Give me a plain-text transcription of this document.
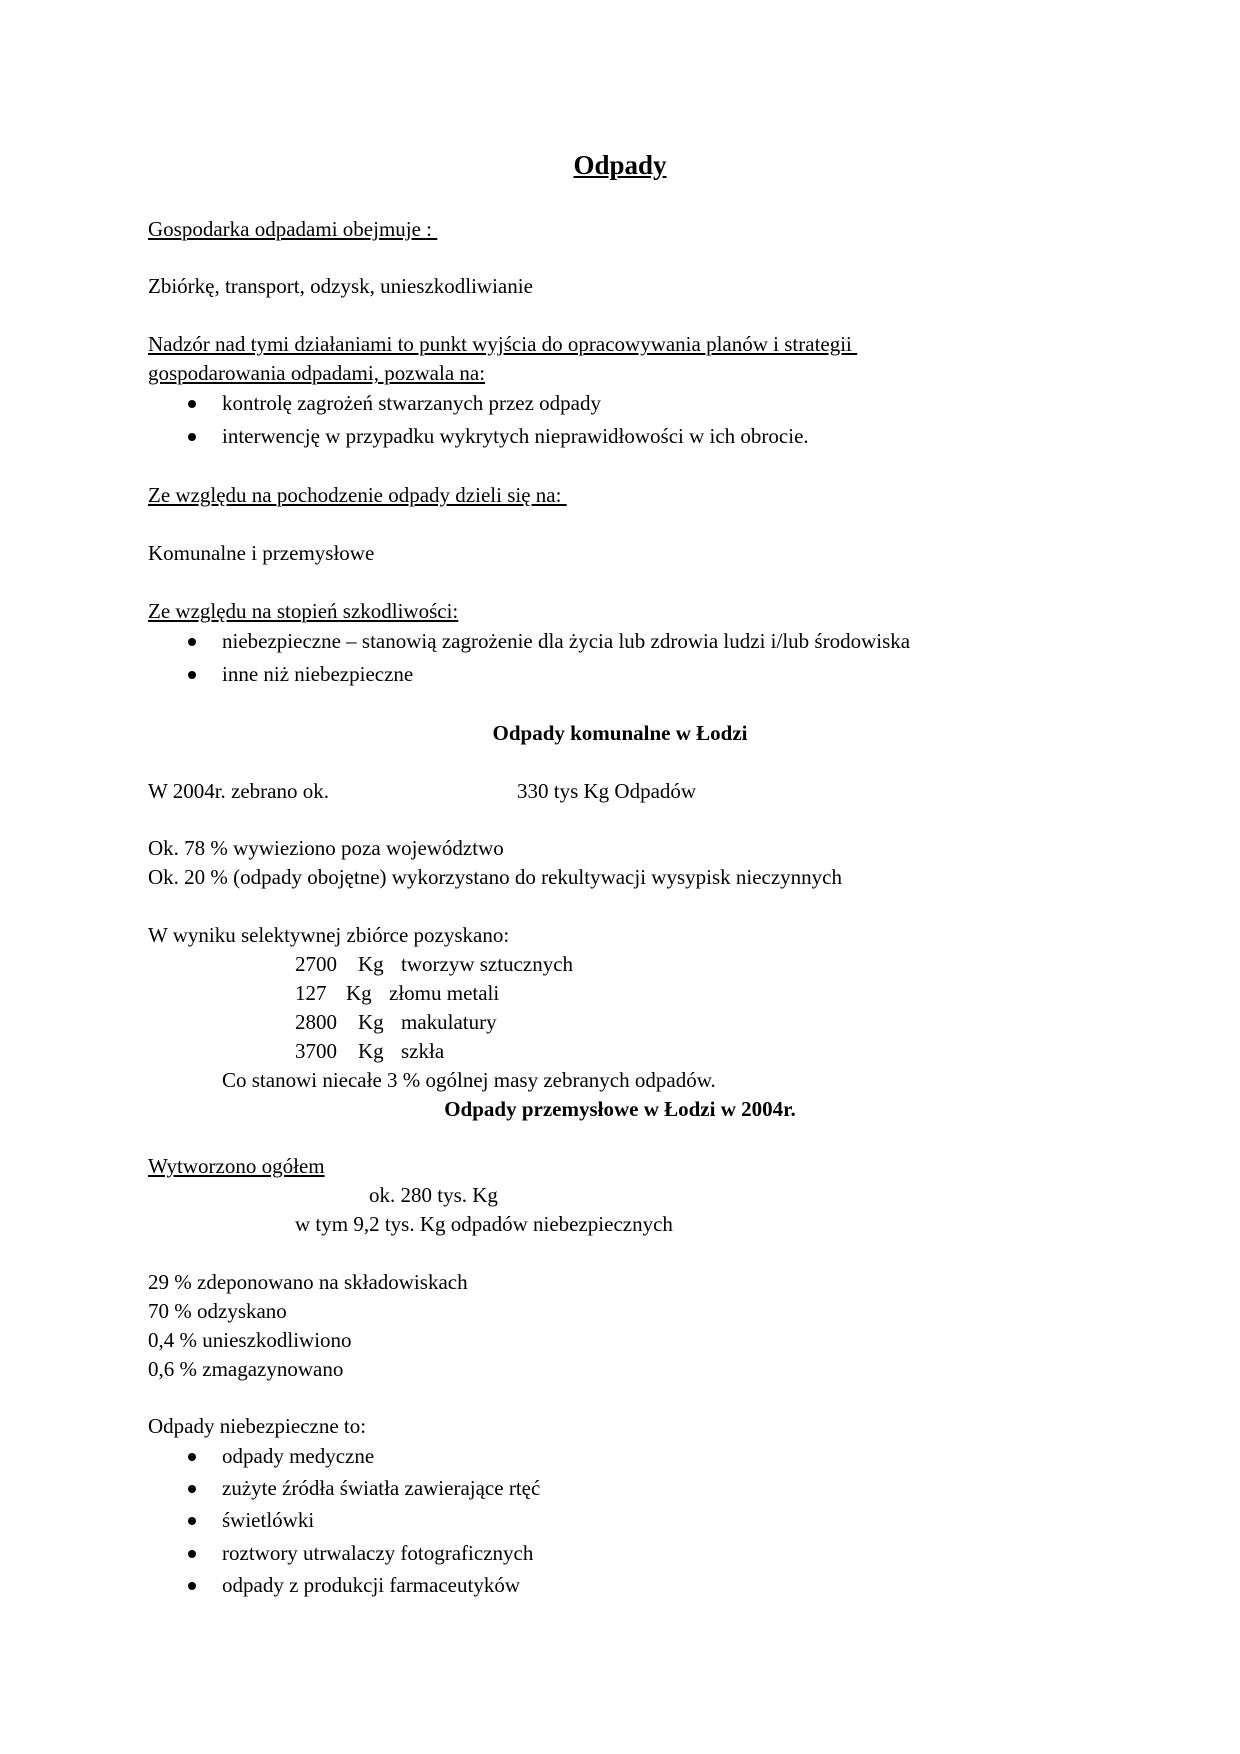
Odpady
Gospodarka odpadami obejmuje :
Zbiórkę, transport, odzysk, unieszkodliwianie
Nadzór nad tymi działaniami to punkt wyjścia do opracowywania planów i strategii
gospodarowania odpadami, pozwala na:

kontrolę zagrożeń stwarzanych przez odpady

interwencję w przypadku wykrytych nieprawidłowości w ich obrocie.

Ze względu na pochodzenie odpady dzieli się na:
Komunalne i przemysłowe
Ze względu na stopień szkodliwości:

niebezpieczne – stanowią zagrożenie dla życia lub zdrowia ludzi i/lub środowiska

inne niż niebezpieczne

Odpady komunalne w Łodzi
W 2004r. zebrano ok.	330 tys Kg Odpadów
Ok. 78 % wywieziono poza województwo
Ok. 20 % (odpady obojętne) wykorzystano do rekultywacji wysypisk nieczynnych
W wyniku selektywnej zbiórce pozyskano:
2700 Kg tworzyw sztucznych
127 Kg złomu metali
2800 Kg makulatury
3700 Kg szkła
Co stanowi niecałe 3 % ogólnej masy zebranych odpadów.
Odpady przemysłowe w Łodzi w 2004r.
Wytworzono ogółem
ok. 280 tys. Kg
w tym 9,2 tys. Kg odpadów niebezpiecznych
29 % zdeponowano na składowiskach
70 % odzyskano
0,4 % unieszkodliwiono
0,6 % zmagazynowano
Odpady niebezpieczne to:

odpady medyczne

zużyte źródła światła zawierające rtęć

świetlówki

roztwory utrwalaczy fotograficznych

odpady z produkcji farmaceutyków
